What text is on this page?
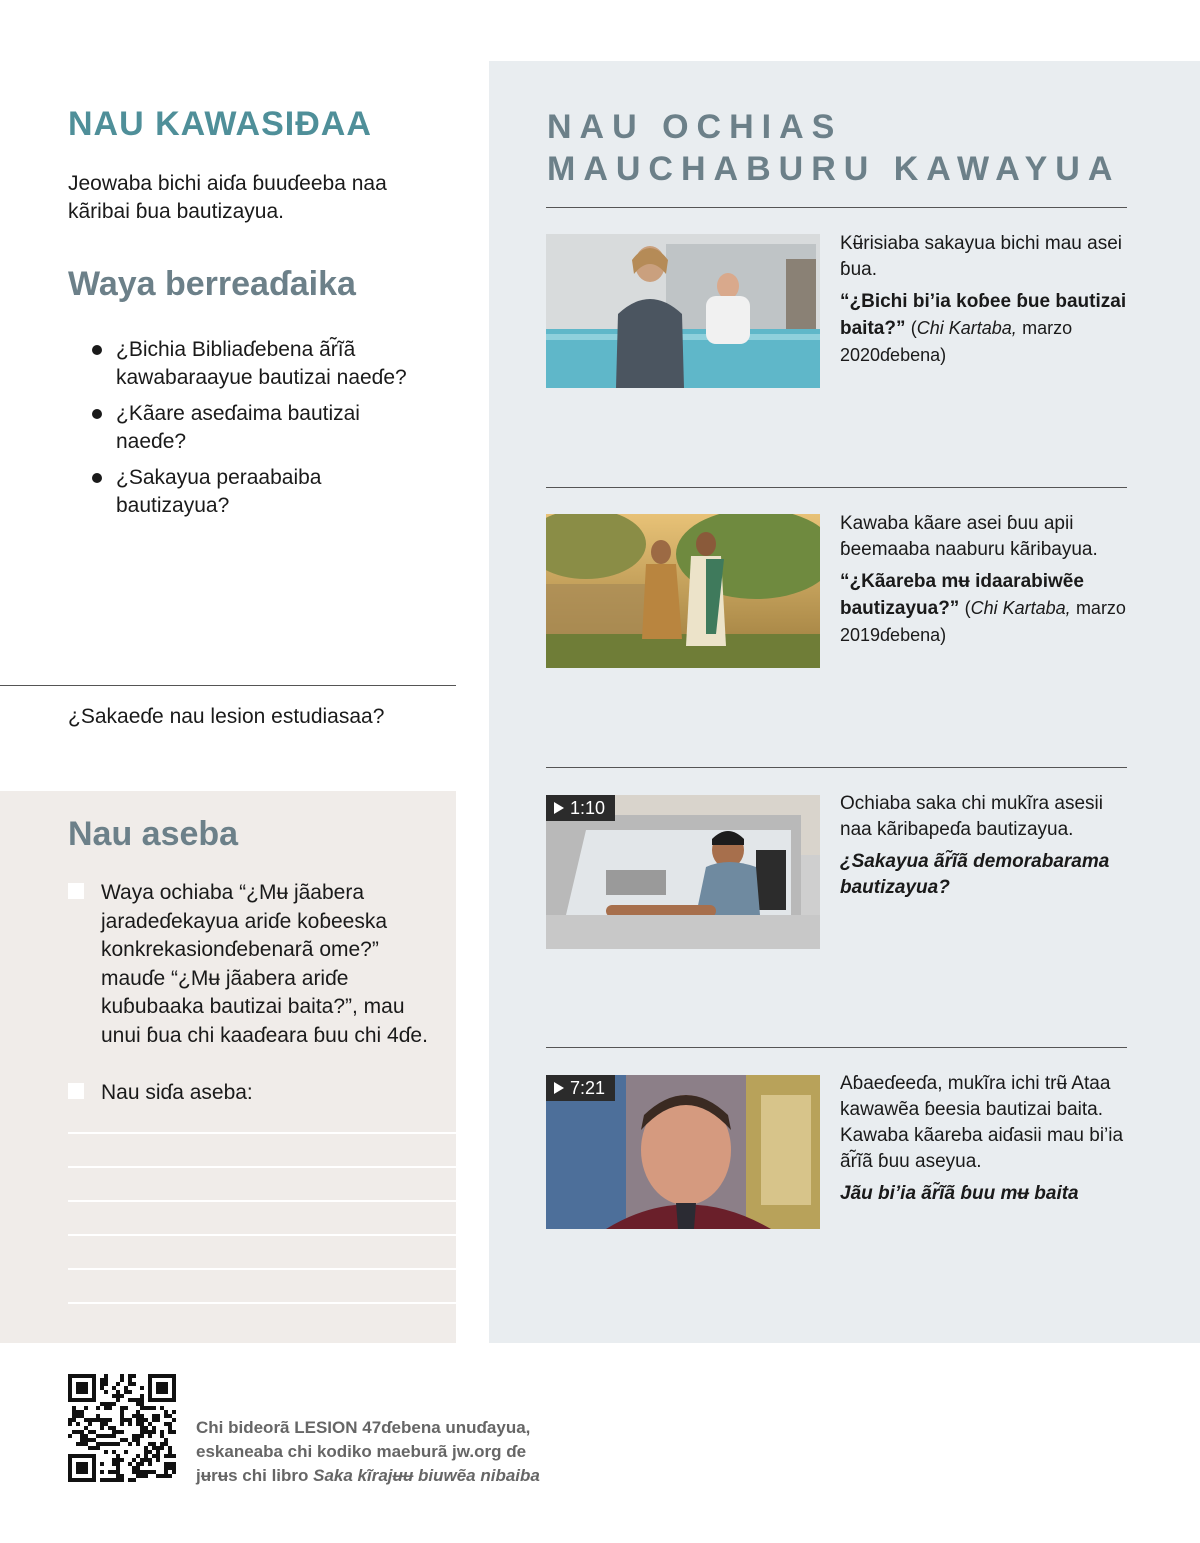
NAU KAWASIƉAA
Jeowaba bichi aiɗa ɓuuɗeeba naa kãribai ɓua bautizayua.
Waya berreaɗaika
¿Bichia Bibliaɗebena ãr͂ĩã kawabaraayue bautizai naeɗe?
¿Kãare aseɗaima bautizai naeɗe?
¿Sakayua peraabaiba bautizayua?
¿Sakaeɗe nau lesion estudiasaa?
Nau aseba
Waya ochiaba “¿Mʉ jãabera jaradeɗekayua ariɗe koɓeeska konkrekasionɗebenarã ome?” mauɗe “¿Mʉ jãabera ariɗe kuɓubaaka bautizai baita?”, mau unui ɓua chi kaaɗeara ɓuu chi 4ɗe.
Nau siɗa aseba:
NAU OCHIAS
MAUCHABURU KAWAYUA
Kʉ̃risiaba sakayua bichi mau asei ɓua.
“¿Bichi bi’ia koɓee ɓue bautizai baita?” (Chi Kartaba, marzo 2020ɗebena)
Kawaba kãare asei ɓuu apii ɓeemaaba naaburu kãribayua.
“¿Kãareba mʉ idaarabiwẽe bautizayua?” (Chi Kartaba, marzo 2019ɗebena)
1:10	Ochiaba saka chi mukĩra asesii naa kãribapeɗa bautizayua.
¿Sakayua ãr͂ĩã demorabarama bautizayua?
7:21	Aɓaeɗeeɗa, mukĩra ichi trʉ̃ Ataa kawawẽa ɓeesia bautizai baita. Kawaba kãareba aiɗasii mau bi’ia ãr͂ĩã ɓuu aseyua.
Jãu bi’ia ãr͂ĩã ɓuu mʉ baita
Chi bideorã LESION 47ɗebena unuɗayua,
eskaneaba chi kodiko maeburã jw.org ɗe
jʉrʉs chi libro Saka kĩrajʉʉ biuwẽa nibaiba
